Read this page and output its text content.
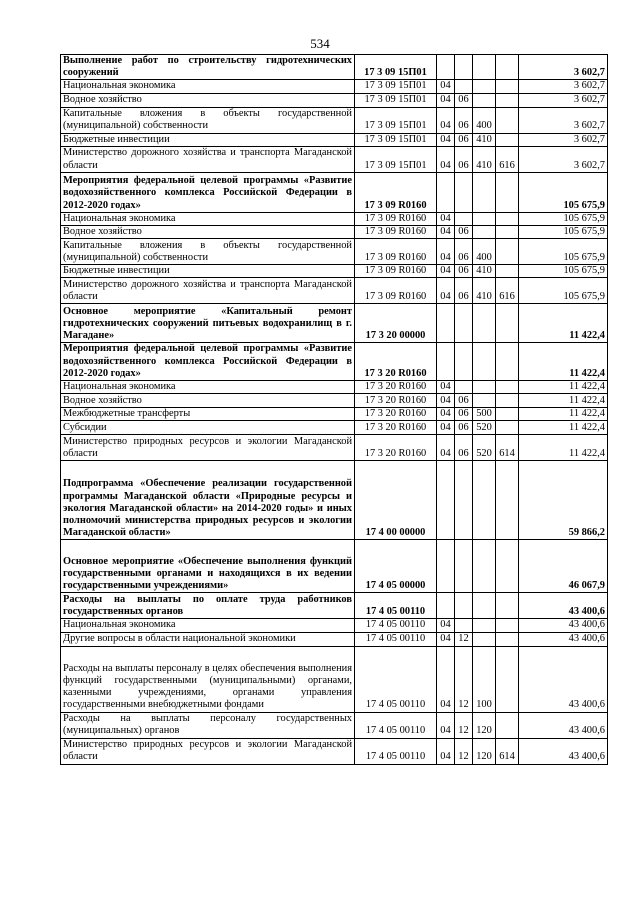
534
Выполнение работ по строительству гидротехнических сооружений	17 3 09 15П01					3 602,7
Национальная экономика	17 3 09 15П01	04				3 602,7
Водное хозяйство	17 3 09 15П01	04	06			3 602,7
Капитальные вложения в объекты государственной (муниципальной) собственности	17 3 09 15П01	04	06	400		3 602,7
Бюджетные инвестиции	17 3 09 15П01	04	06	410		3 602,7
Министерство дорожного хозяйства и транспорта Магаданской области	17 3 09 15П01	04	06	410	616	3 602,7
Мероприятия федеральной целевой программы «Развитие водохозяйственного комплекса Российской Федерации в 2012-2020 годах»	17 3 09 R0160					105 675,9
Национальная экономика	17 3 09 R0160	04				105 675,9
Водное хозяйство	17 3 09 R0160	04	06			105 675,9
Капитальные вложения в объекты государственной (муниципальной) собственности	17 3 09 R0160	04	06	400		105 675,9
Бюджетные инвестиции	17 3 09 R0160	04	06	410		105 675,9
Министерство дорожного хозяйства и транспорта Магаданской области	17 3 09 R0160	04	06	410	616	105 675,9
Основное мероприятие «Капитальный ремонт гидротехнических сооружений питьевых водохранилищ в г. Магадане»	17 3 20 00000					11 422,4
Мероприятия федеральной целевой программы «Развитие водохозяйственного комплекса Российской Федерации в 2012-2020 годах»	17 3 20 R0160					11 422,4
Национальная экономика	17 3 20 R0160	04				11 422,4
Водное хозяйство	17 3 20 R0160	04	06			11 422,4
Межбюджетные трансферты	17 3 20 R0160	04	06	500		11 422,4
Субсидии	17 3 20 R0160	04	06	520		11 422,4
Министерство природных ресурсов и экологии Магаданской области	17 3 20 R0160	04	06	520	614	11 422,4
Подпрограмма «Обеспечение реализации государственной программы Магаданской области «Природные ресурсы и экология Магаданской области» на 2014-2020 годы» и иных полномочий министерства природных ресурсов и экологии Магаданской области»	17 4 00 00000					59 866,2
Основное мероприятие «Обеспечение выполнения функций государственными органами и находящихся в их ведении государственными учреждениями»	17 4 05 00000					46 067,9
Расходы на выплаты по оплате труда работников государственных органов	17 4 05 00110					43 400,6
Национальная экономика	17 4 05 00110	04				43 400,6
Другие вопросы в области национальной экономики	17 4 05 00110	04	12			43 400,6
Расходы на выплаты персоналу в целях обеспечения выполнения функций государственными (муниципальными) органами, казенными учреждениями, органами управления государственными внебюджетными фондами	17 4 05 00110	04	12	100		43 400,6
Расходы на выплаты персоналу государственных (муниципальных) органов	17 4 05 00110	04	12	120		43 400,6
Министерство природных ресурсов и экологии Магаданской области	17 4 05 00110	04	12	120	614	43 400,6
